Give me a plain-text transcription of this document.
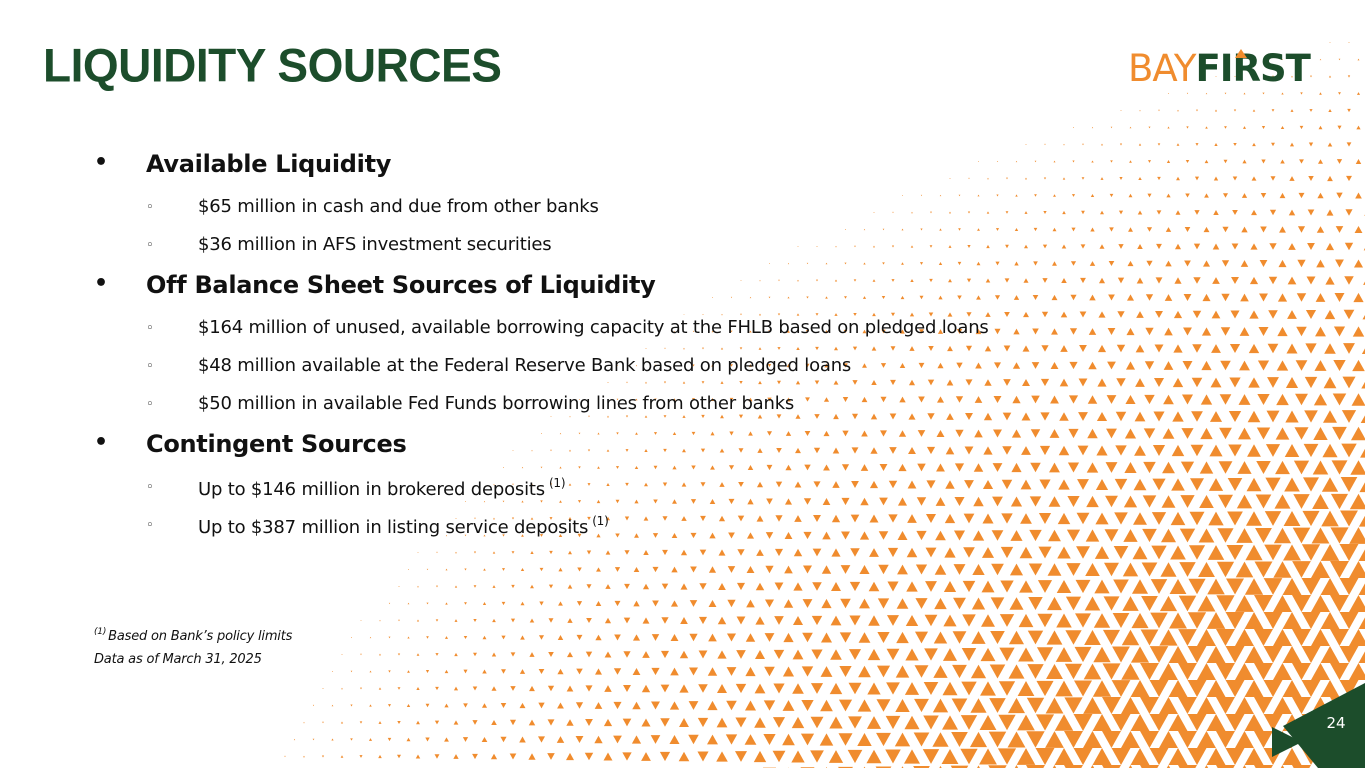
LIQUIDITY SOURCES	BAYFIRST
• Available Liquidity
◦ $65 million in cash and due from other banks
◦ $36 million in AFS investment securities
• Off Balance Sheet Sources of Liquidity
◦ $164 million of unused, available borrowing capacity at the FHLB based on pledged loans
◦ $48 million available at the Federal Reserve Bank based on pledged loans
◦ $50 million in available Fed Funds borrowing lines from other banks
• Contingent Sources
◦ Up to $146 million in brokered deposits $^{(1)}$
◦ Up to $387 million in listing service deposits $^{(1)}$
$^{(1)}$ Based on Bank’s policy limits
Data as of March 31, 2025
24
